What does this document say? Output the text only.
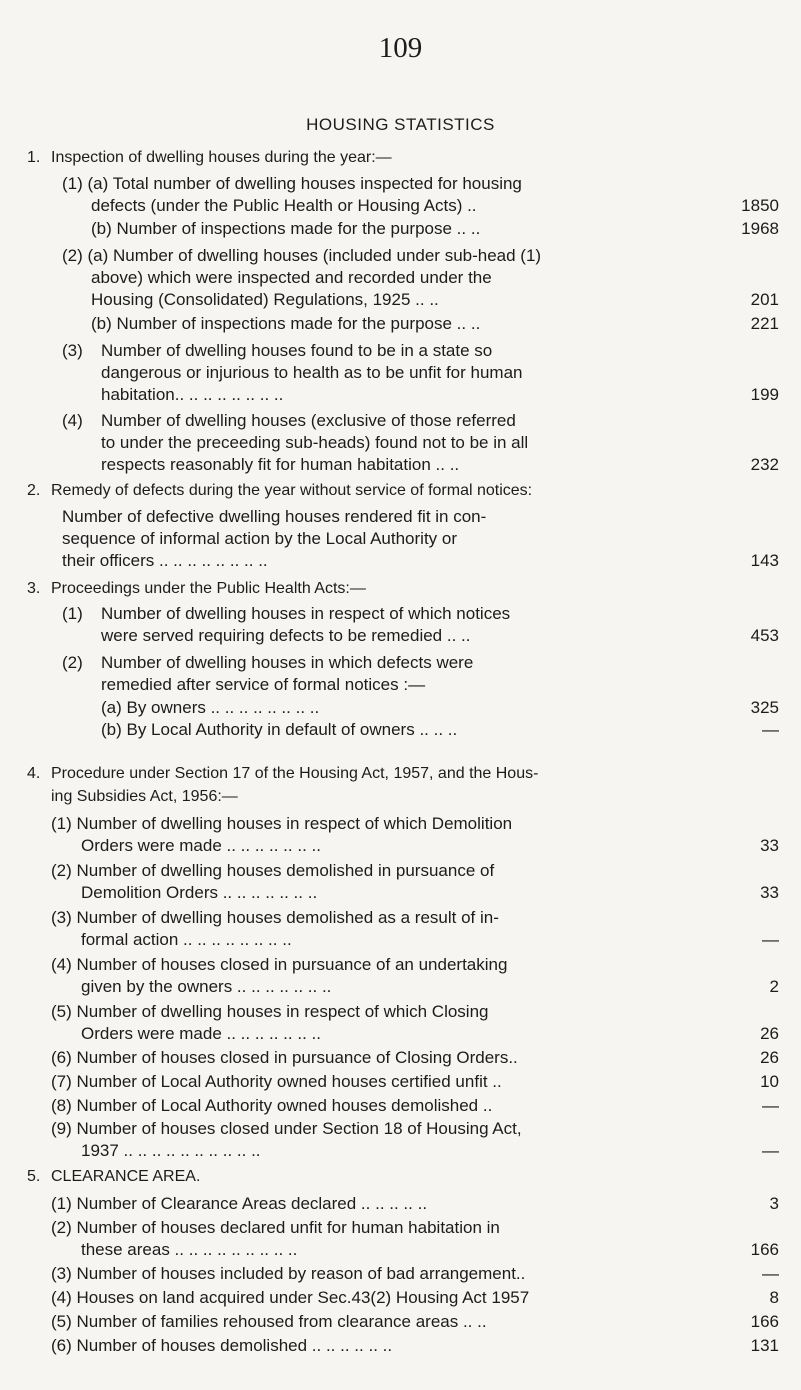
109
HOUSING STATISTICS
1. Inspection of dwelling houses during the year:—
(1) (a) Total number of dwelling houses inspected for housing
defects (under the Public Health or Housing Acts) ..	1850
(b) Number of inspections made for the purpose .. ..	1968
(2) (a) Number of dwelling houses (included under sub-head (1)
above) which were inspected and recorded under the
Housing (Consolidated) Regulations, 1925 .. ..	201
(b) Number of inspections made for the purpose .. ..	221
(3) Number of dwelling houses found to be in a state so
dangerous or injurious to health as to be unfit for human
habitation.. .. .. .. .. .. .. ..	199
(4) Number of dwelling houses (exclusive of those referred
to under the preceeding sub-heads) found not to be in all
respects reasonably fit for human habitation .. ..	232
2. Remedy of defects during the year without service of formal notices:
Number of defective dwelling houses rendered fit in con-
sequence of informal action by the Local Authority or
their officers .. .. .. .. .. .. .. ..	143
3. Proceedings under the Public Health Acts:—
(1) Number of dwelling houses in respect of which notices
were served requiring defects to be remedied .. ..	453
(2) Number of dwelling houses in which defects were
remedied after service of formal notices :—
(a) By owners .. .. .. .. .. .. .. ..	325
(b) By Local Authority in default of owners .. .. ..	—
4. Procedure under Section 17 of the Housing Act, 1957, and the Hous-
ing Subsidies Act, 1956:—
(1) Number of dwelling houses in respect of which Demolition
Orders were made .. .. .. .. .. .. ..	33
(2) Number of dwelling houses demolished in pursuance of
Demolition Orders .. .. .. .. .. .. ..	33
(3) Number of dwelling houses demolished as a result of in-
formal action .. .. .. .. .. .. .. ..	—
(4) Number of houses closed in pursuance of an undertaking
given by the owners .. .. .. .. .. .. ..	2
(5) Number of dwelling houses in respect of which Closing
Orders were made .. .. .. .. .. .. ..	26
(6) Number of houses closed in pursuance of Closing Orders..	26
(7) Number of Local Authority owned houses certified unfit ..	10
(8) Number of Local Authority owned houses demolished ..	—
(9) Number of houses closed under Section 18 of Housing Act,
1937 .. .. .. .. .. .. .. .. .. ..	—
5. CLEARANCE AREA.
(1) Number of Clearance Areas declared .. .. .. .. ..	3
(2) Number of houses declared unfit for human habitation in
these areas .. .. .. .. .. .. .. .. ..	166
(3) Number of houses included by reason of bad arrangement..	—
(4) Houses on land acquired under Sec.43(2) Housing Act 1957	8
(5) Number of families rehoused from clearance areas .. ..	166
(6) Number of houses demolished .. .. .. .. .. ..	131
